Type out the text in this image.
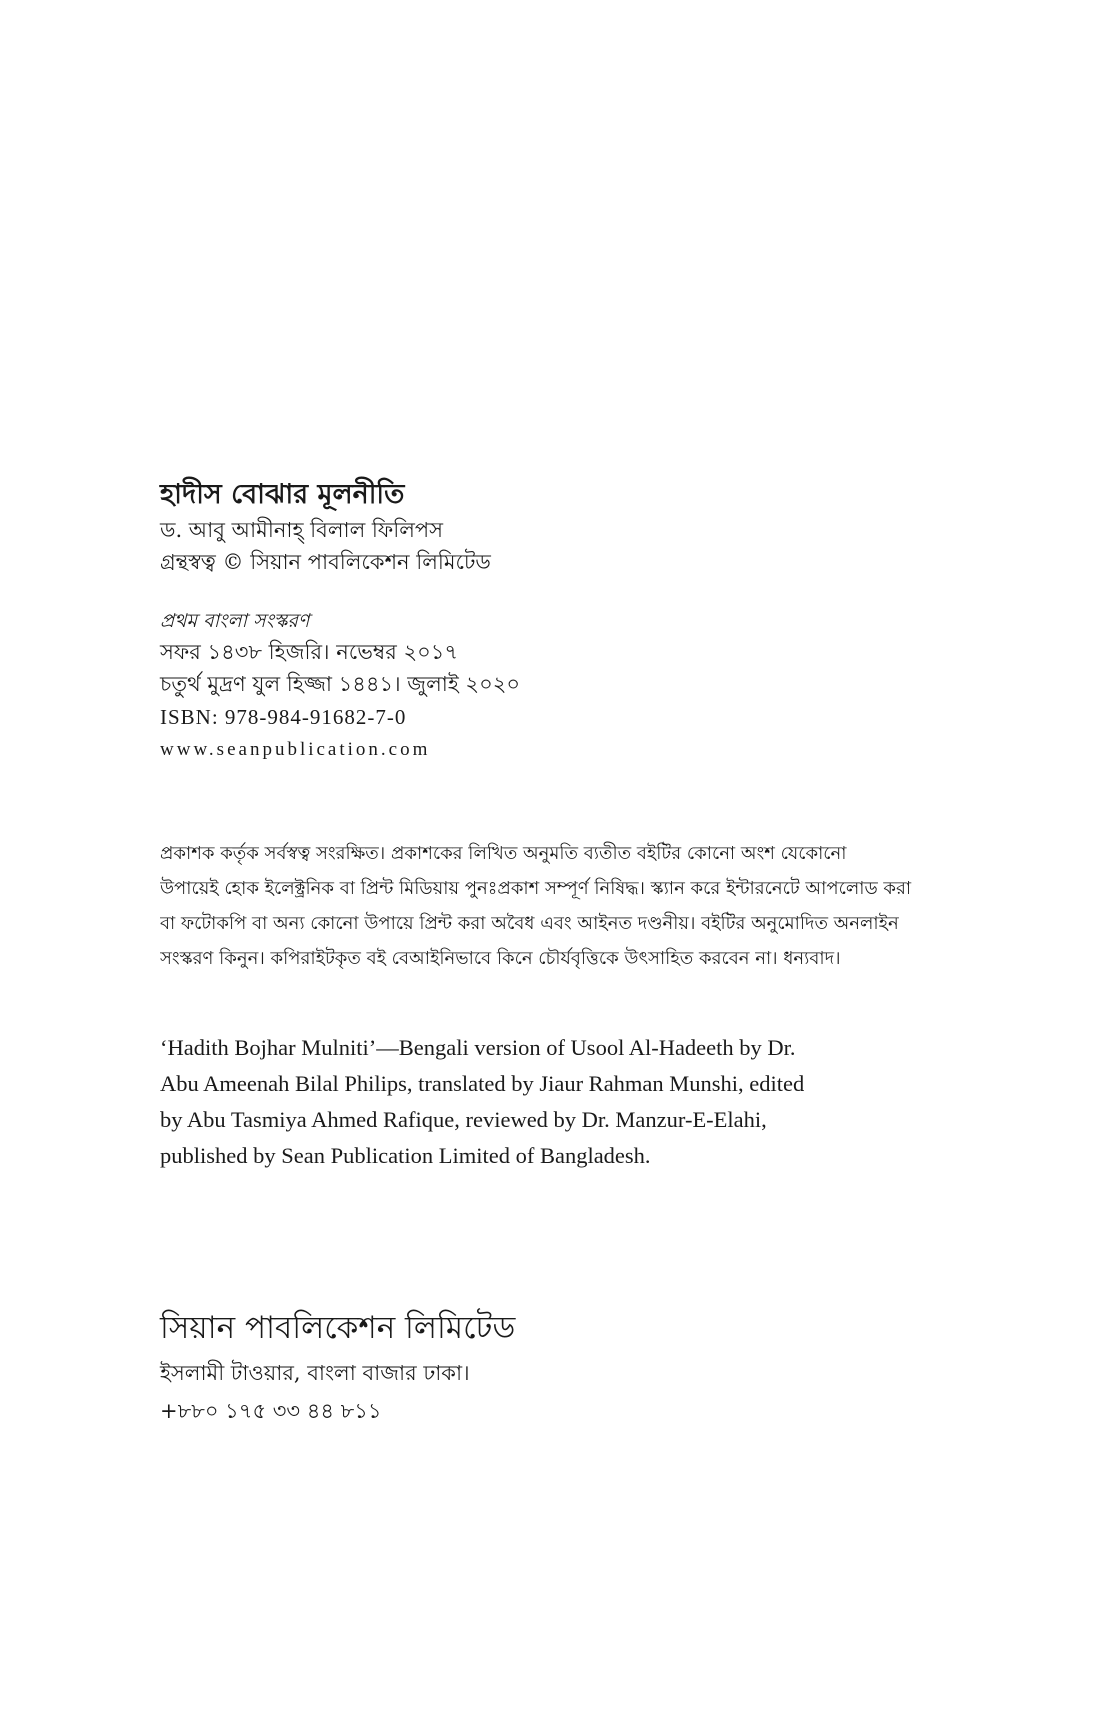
হাদীস বোঝার মূলনীতি
ড. আবু আমীনাহ্‌ বিলাল ফিলিপস
গ্রন্থস্বত্ব © সিয়ান পাবলিকেশন লিমিটেড
প্রথম বাংলা সংস্করণ
সফর ১৪৩৮ হিজরি। নভেম্বর ২০১৭
চতুর্থ মুদ্রণ যুল হিজ্জা ১৪৪১। জুলাই ২০২০
ISBN: 978-984-91682-7-0
www.seanpublication.com
প্রকাশক কর্তৃক সর্বস্বত্ব সংরক্ষিত। প্রকাশকের লিখিত অনুমতি ব্যতীত বইটির কোনো অংশ যেকোনো
উপায়েই হোক ইলেক্ট্রনিক বা প্রিন্ট মিডিয়ায় পুনঃপ্রকাশ সম্পূর্ণ নিষিদ্ধ। স্ক্যান করে ইন্টারনেটে আপলোড করা
বা ফটোকপি বা অন্য কোনো উপায়ে প্রিন্ট করা অবৈধ এবং আইনত দণ্ডনীয়। বইটির অনুমোদিত অনলাইন
সংস্করণ কিনুন। কপিরাইটকৃত বই বেআইনিভাবে কিনে চৌর্যবৃত্তিকে উৎসাহিত করবেন না। ধন্যবাদ।
‘Hadith Bojhar Mulniti’—Bengali version of Usool Al-Hadeeth by Dr.
Abu Ameenah Bilal Philips, translated by Jiaur Rahman Munshi, edited
by Abu Tasmiya Ahmed Rafique, reviewed by Dr. Manzur-E-Elahi,
published by Sean Publication Limited of Bangladesh.
সিয়ান পাবলিকেশন লিমিটেড
ইসলামী টাওয়ার, বাংলা বাজার ঢাকা।
+৮৮০ ১৭৫ ৩৩ ৪৪ ৮১১
